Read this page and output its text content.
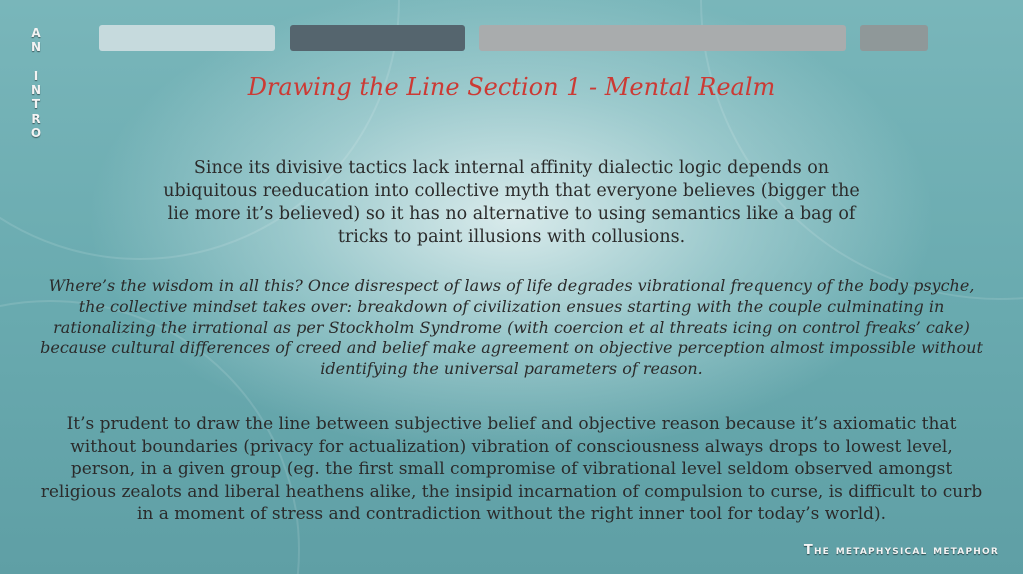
A
N

I
N
T
R
O
Drawing the Line Section 1 - Mental Realm
Since its divisive tactics lack internal affinity dialectic logic depends on ubiquitous reeducation into collective myth that everyone believes (bigger the lie more it’s believed) so it has no alternative to using semantics like a bag of tricks to paint illusions with collusions.
Where’s the wisdom in all this? Once disrespect of laws of life degrades vibrational frequency of the body psyche, the collective mindset takes over: breakdown of civilization ensues starting with the couple culminating in rationalizing the irrational as per Stockholm Syndrome (with coercion et al threats icing on control freaks’ cake) because cultural differences of creed and belief make agreement on objective perception almost impossible without identifying the universal parameters of reason.
It’s prudent to draw the line between subjective belief and objective reason because it’s axiomatic that without boundaries (privacy for actualization) vibration of consciousness always drops to lowest level, person, in a given group (eg. the first small compromise of vibrational level seldom observed amongst religious zealots and liberal heathens alike, the insipid incarnation of compulsion to curse, is difficult to curb in a moment of stress and contradiction without the right inner tool for today’s world).
The metaphysical metaphor
